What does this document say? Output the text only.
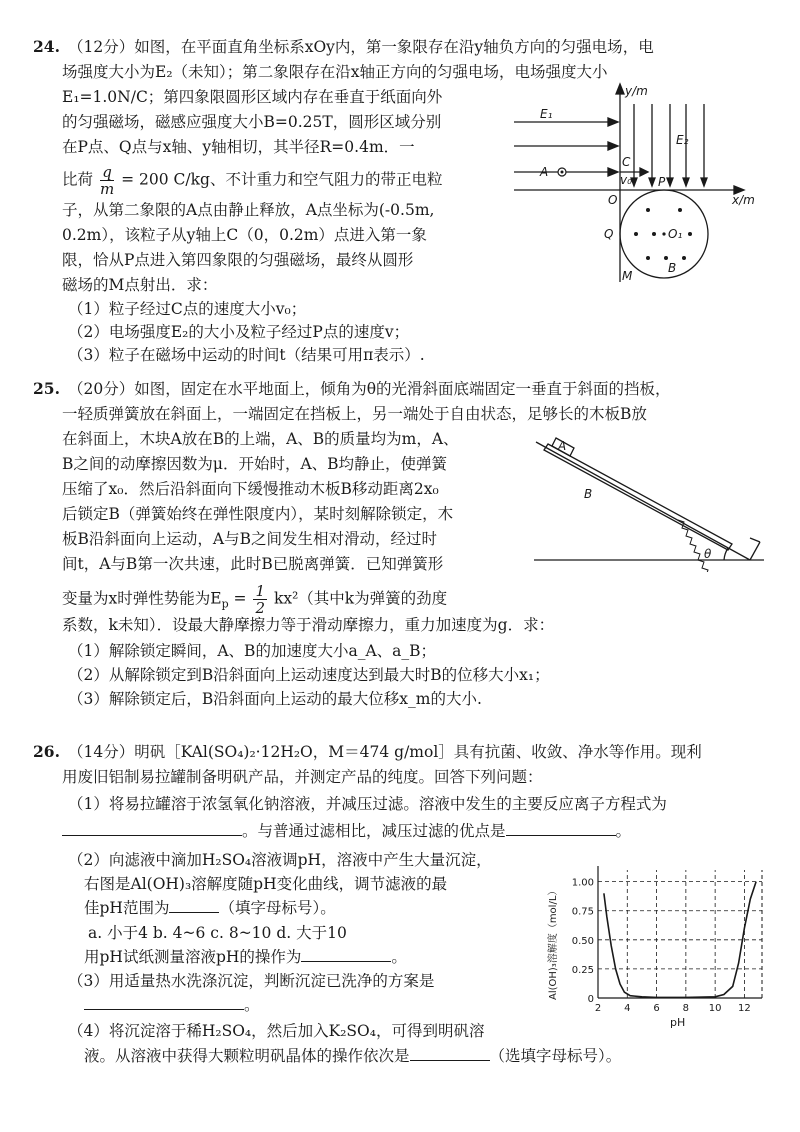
24. （12分）如图，在平面直角坐标系xOy内，第一象限存在沿y轴负方向的匀强电场，电
场强度大小为E₂（未知）；第二象限存在沿x轴正方向的匀强电场，电场强度大小
E₁=1.0N/C；第四象限圆形区域内存在垂直于纸面向外
的匀强磁场，磁感应强度大小B=0.25T，圆形区域分别
在P点、Q点与x轴、y轴相切，其半径R=0.4m．一
比荷 $\frac{q}{m} = 200$ C/kg、不计重力和空气阻力的带正电粒
子，从第二象限的A点由静止释放，A点坐标为(-0.5m,
0.2m），该粒子从y轴上C（0，0.2m）点进入第一象
限，恰从P点进入第四象限的匀强磁场，最终从圆形
磁场的M点射出．求：
（1）粒子经过C点的速度大小v₀；
（2）电场强度E₂的大小及粒子经过P点的速度v；
（3）粒子在磁场中运动的时间t（结果可用π表示）.
y/m
x/m
E₁
E₂
A
C
v₀ P
O
Q	O₁
B
M
25. （20分）如图，固定在水平地面上，倾角为θ的光滑斜面底端固定一垂直于斜面的挡板，
一轻质弹簧放在斜面上，一端固定在挡板上，另一端处于自由状态，足够长的木板B放
在斜面上，木块A放在B的上端，A、B的质量均为m，A、
B之间的动摩擦因数为μ．开始时，A、B均静止，使弹簧
压缩了x₀．然后沿斜面向下缓慢推动木板B移动距离2x₀
后锁定B（弹簧始终在弹性限度内），某时刻解除锁定，木
板B沿斜面向上运动，A与B之间发生相对滑动，经过时
间t，A与B第一次共速，此时B已脱离弹簧．已知弹簧形
变量为x时弹性势能为$E_p = \frac{1}{2} kx^2$（其中k为弹簧的劲度
系数，k未知）．设最大静摩擦力等于滑动摩擦力，重力加速度为g．求：
（1）解除锁定瞬间，A、B的加速度大小a_A、a_B；
（2）从解除锁定到B沿斜面向上运动速度达到最大时B的位移大小x₁；
（3）解除锁定后，B沿斜面向上运动的最大位移x_m的大小.
A
B
θ
26. （14分）明矾［KAl(SO₄)₂·12H₂O，M＝474 g/mol］具有抗菌、收敛、净水等作用。现利
用废旧铝制易拉罐制备明矾产品，并测定产品的纯度。回答下列问题：
（1）将易拉罐溶于浓氢氧化钠溶液，并减压过滤。溶液中发生的主要反应离子方程式为
。与普通过滤相比，减压过滤的优点是	。
（2）向滤液中滴加H₂SO₄溶液调pH，溶液中产生大量沉淀，
右图是Al(OH)₃溶解度随pH变化曲线，调节滤液的最
佳pH范围为	（填字母标号）。
a. 小于4 b. 4~6 c. 8~10 d. 大于10
用pH试纸测量溶液pH的操作为	。
（3）用适量热水洗涤沉淀，判断沉淀已洗净的方案是
。
（4）将沉淀溶于稀H₂SO₄，然后加入K₂SO₄，可得到明矾溶
液。从溶液中获得大颗粒明矾晶体的操作依次是	（选填字母标号）。
Al(OH)₃溶解度（mol/L）
pH
0
0.25
0.50
0.75
1.00
2 4 6 8 10 12
